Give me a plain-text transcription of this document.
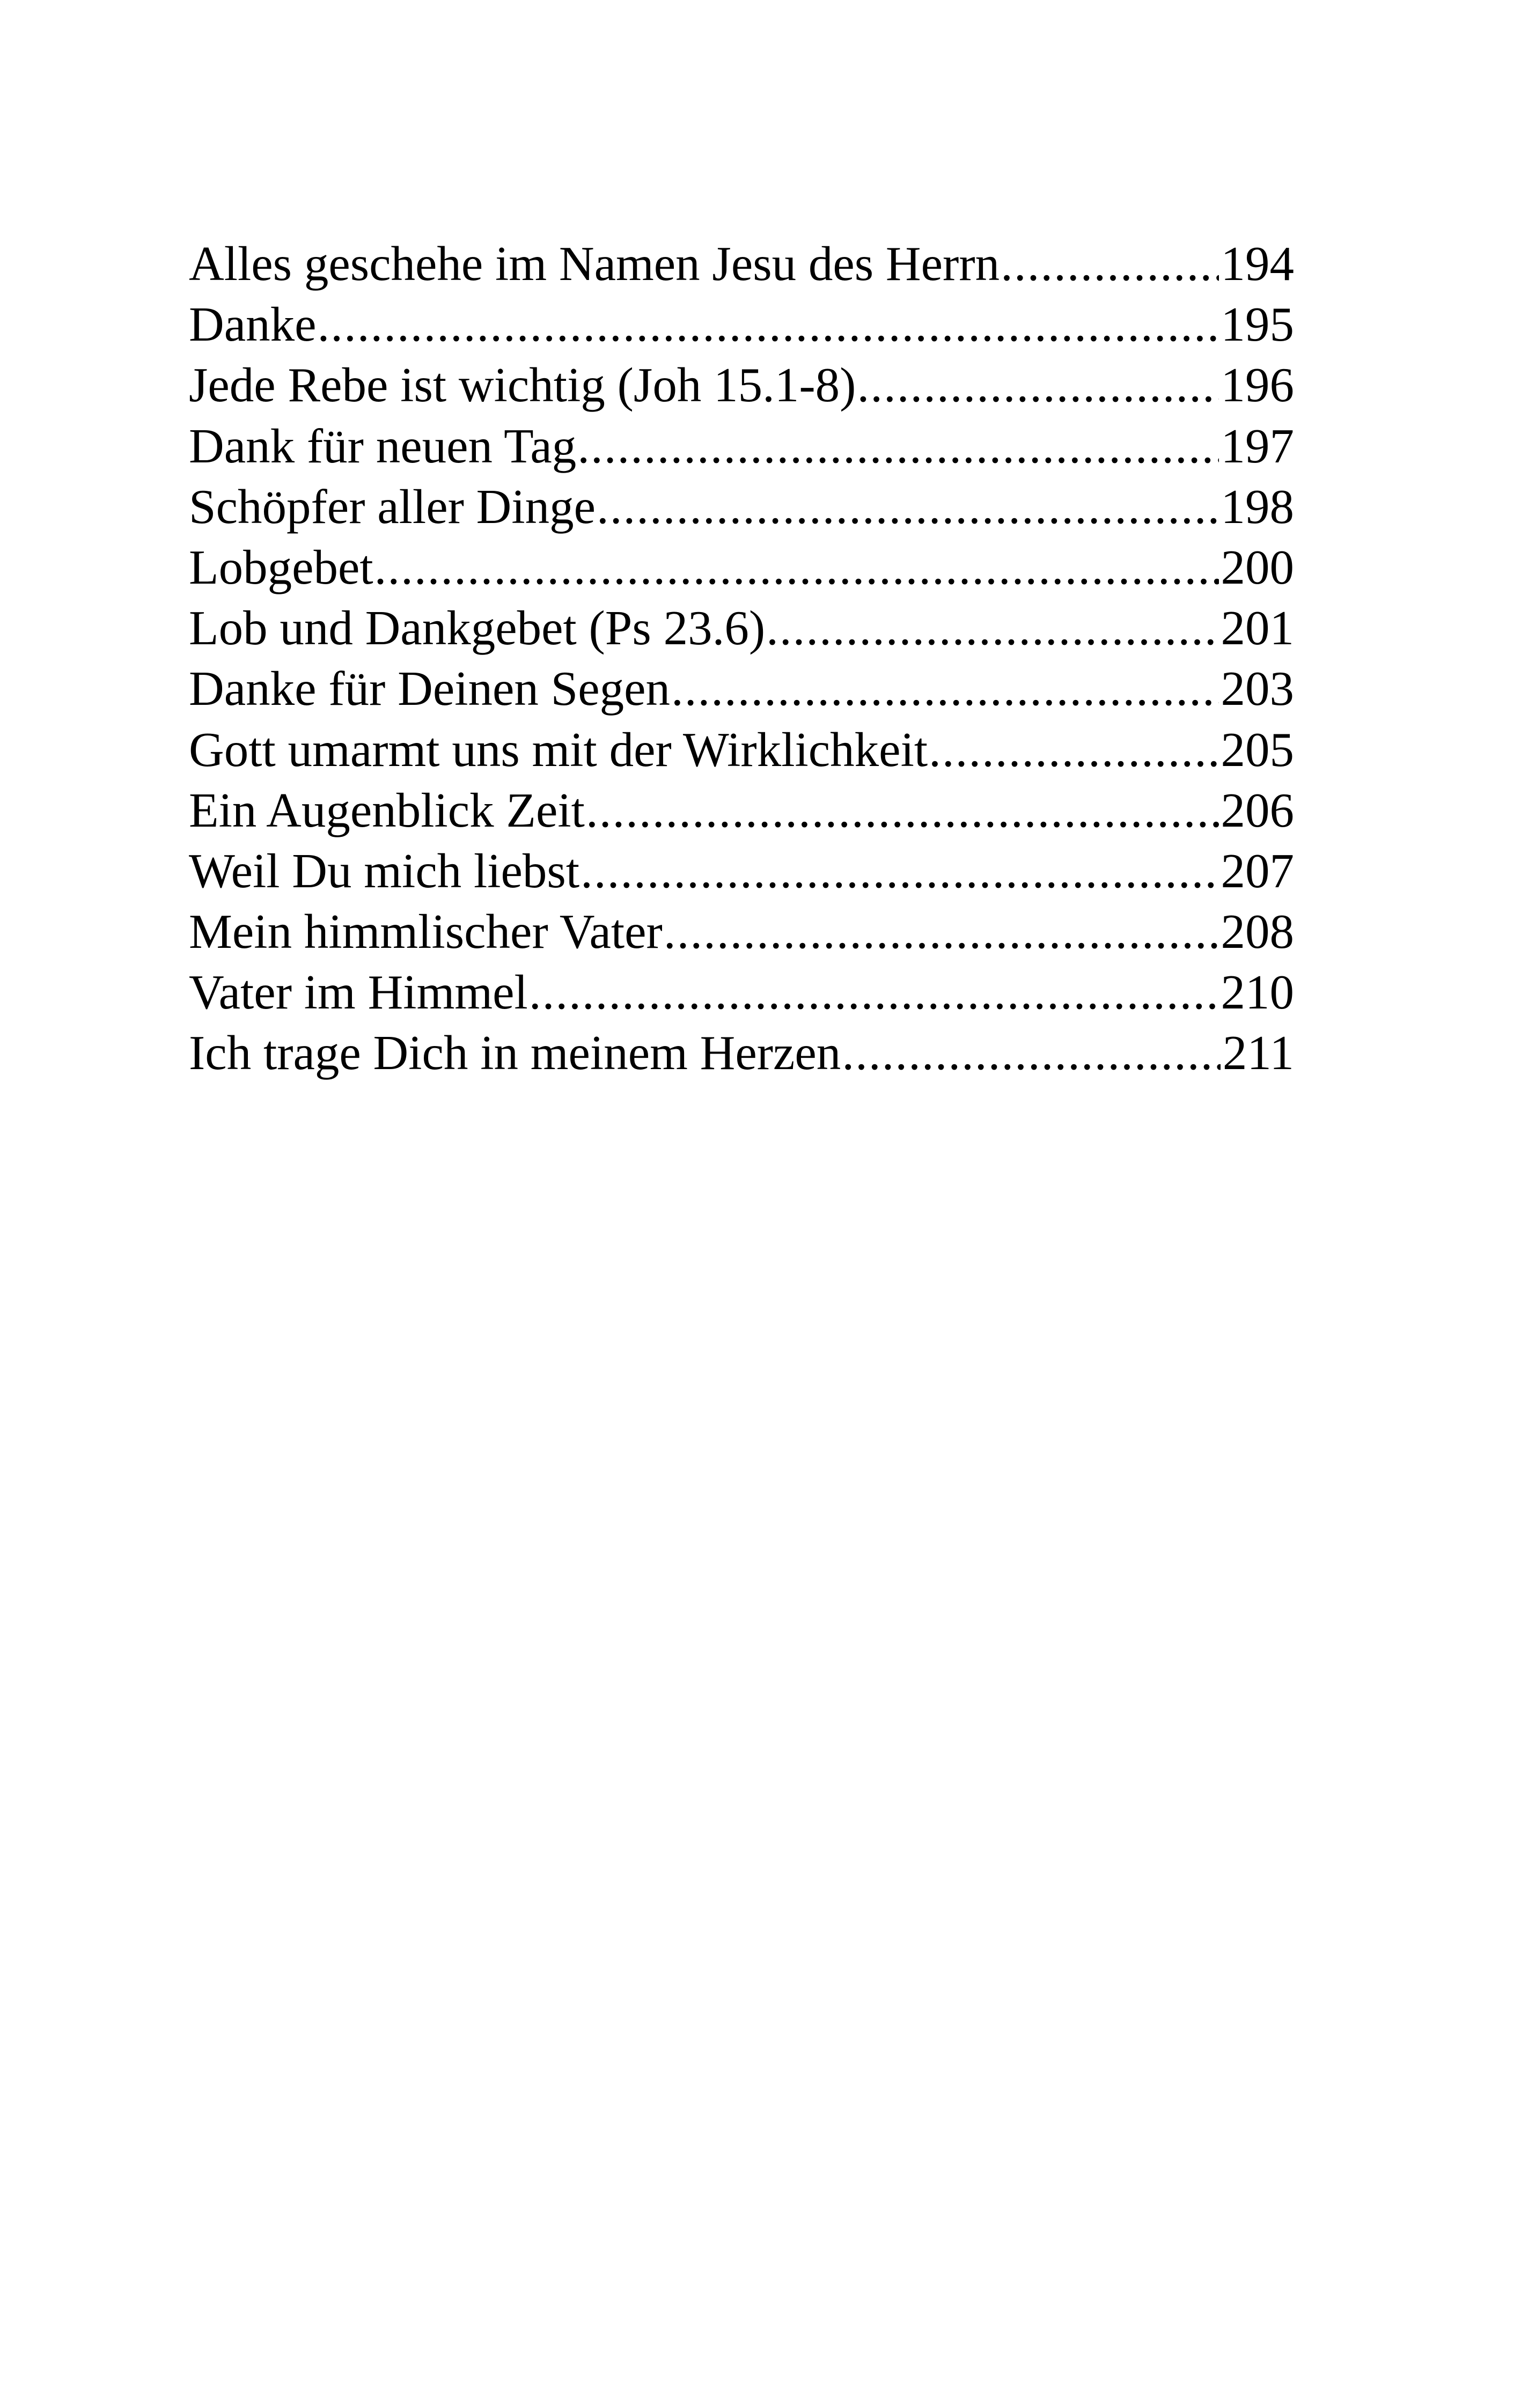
Alles geschehe im Namen Jesu des Herrn .....	194
Danke .....	195
Jede Rebe ist wichtig (Joh 15.1-8) .....	196
Dank für neuen Tag .....	197
Schöpfer aller Dinge .....	198
Lobgebet .....	200
Lob und Dankgebet (Ps 23.6) .....	201
Danke für Deinen Segen .....	203
Gott umarmt uns mit der Wirklichkeit .....	205
Ein Augenblick Zeit .....	206
Weil Du mich liebst .....	207
Mein himmlischer Vater .....	208
Vater im Himmel .....	210
Ich trage Dich in meinem Herzen .....	211
